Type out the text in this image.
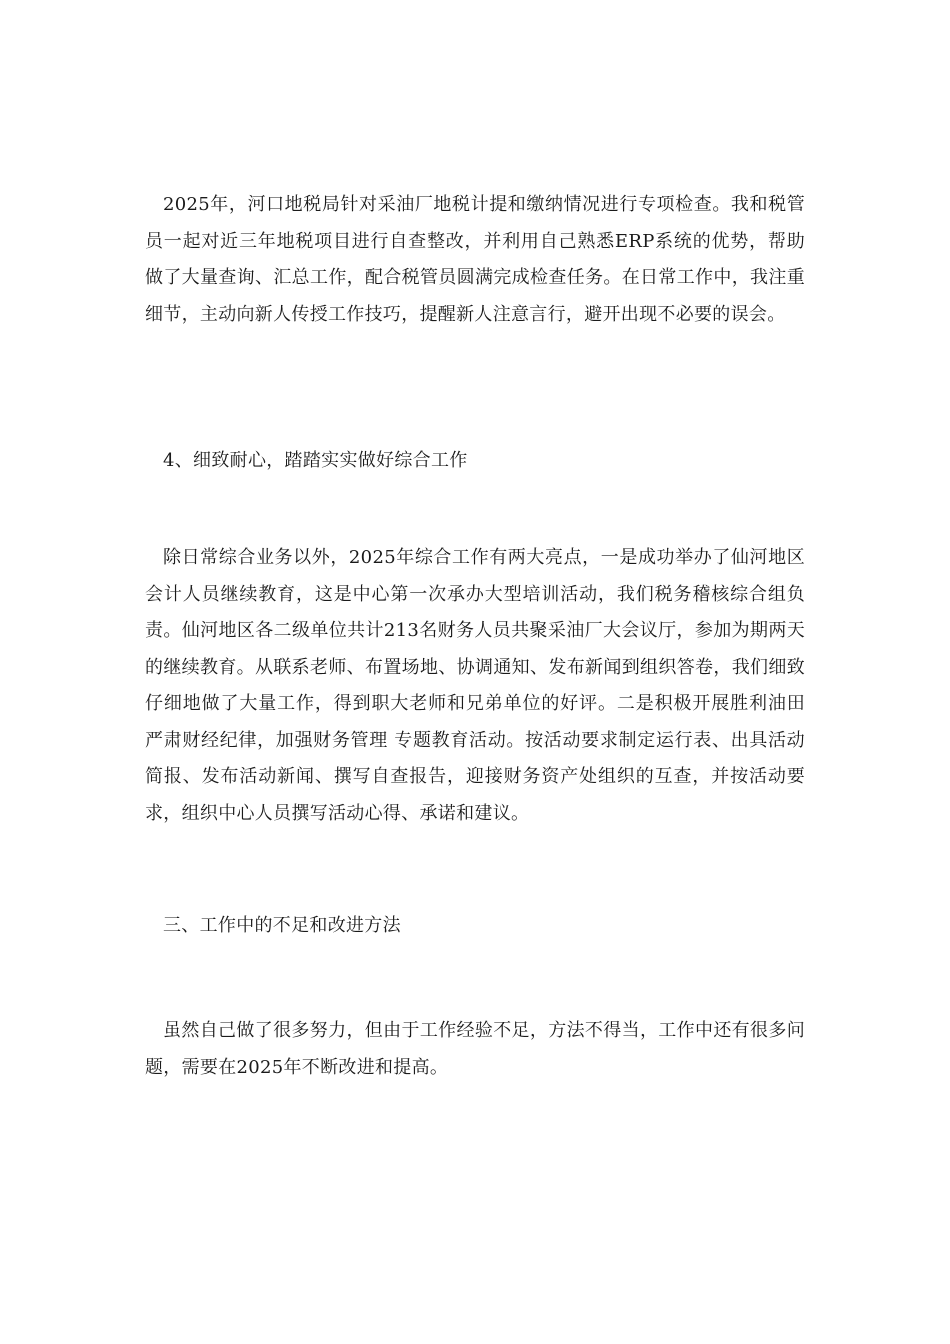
2025年，河口地税局针对采油厂地税计提和缴纳情况进行专项检查。我和税管员一起对近三年地税项目进行自查整改，并利用自己熟悉ERP系统的优势，帮助做了大量查询、汇总工作，配合税管员圆满完成检查任务。在日常工作中，我注重细节，主动向新人传授工作技巧，提醒新人注意言行，避开出现不必要的误会。

4、细致耐心，踏踏实实做好综合工作

除日常综合业务以外，2025年综合工作有两大亮点，一是成功举办了仙河地区会计人员继续教育，这是中心第一次承办大型培训活动，我们税务稽核综合组负责。仙河地区各二级单位共计213名财务人员共聚采油厂大会议厅，参加为期两天的继续教育。从联系老师、布置场地、协调通知、发布新闻到组织答卷，我们细致仔细地做了大量工作，得到职大老师和兄弟单位的好评。二是积极开展胜利油田 严肃财经纪律，加强财务管理 专题教育活动。按活动要求制定运行表、出具活动简报、发布活动新闻、撰写自查报告，迎接财务资产处组织的互查，并按活动要求，组织中心人员撰写活动心得、承诺和建议。

三、工作中的不足和改进方法

虽然自己做了很多努力，但由于工作经验不足，方法不得当，工作中还有很多问题，需要在2025年不断改进和提高。
